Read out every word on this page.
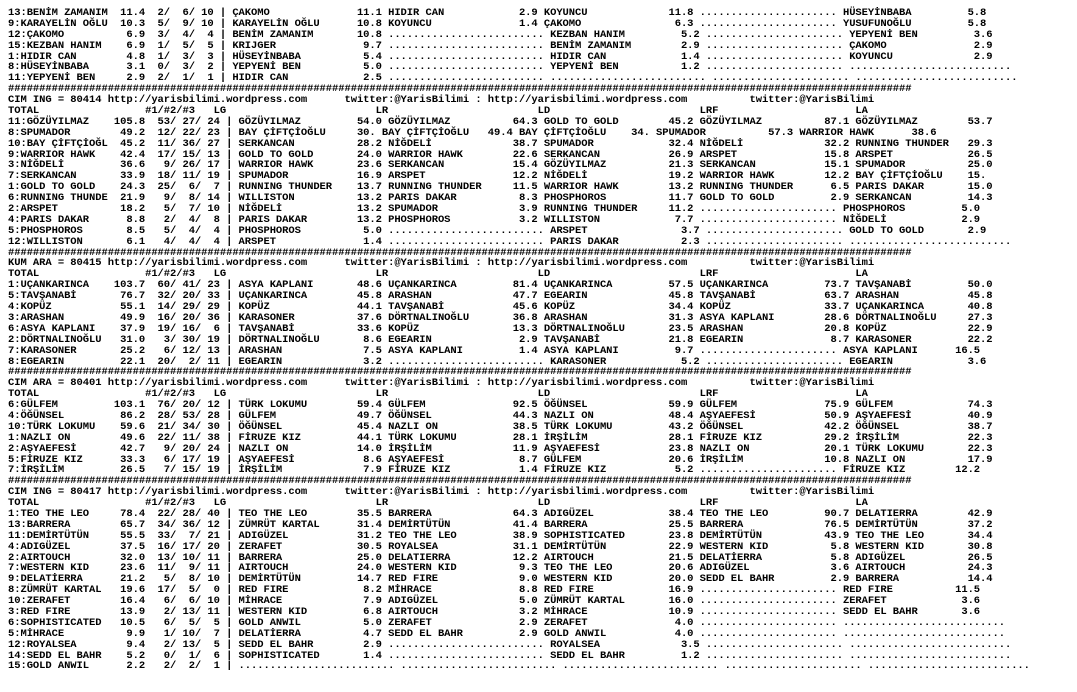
13:BENİM ZAMANIM  11.4  2/  6/ 10 | ÇAKOMO              11.1 HIDIR CAN            2.9 KOYUNCU             11.8 ...................... HÜSEYİNBABA         5.8
9:KARAYELİN OĞLU  10.3  5/  9/ 10 | KARAYELİN OĞLU      10.8 KOYUNCU              1.4 ÇAKOMO               6.3 ...................... YUSUFUNOĞLU         5.8
12:ÇAKOMO          6.9  3/  4/  4 | BENİM ZAMANIM       10.8 ......................... KEZBAN HANIM         5.2 ...................... YEPYENİ BEN         3.6
15:KEZBAN HANIM    6.9  1/  5/  5 | KRIJGER              9.7 ......................... BENİM ZAMANIM        2.9 ...................... ÇAKOMO              2.9
1:HIDIR CAN        4.8  1/  3/  3 | HÜSEYİNBABA          5.4 ......................... HIDIR CAN            1.4 ...................... KOYUNCU             2.9
8:HÜSEYİNBABA      3.1  0/  3/  2 | YEPYENİ BEN          5.0 ......................... YEPYENİ BEN          1.2 ...................... ..........................
11:YEPYENİ BEN     2.9  2/  1/  1 | HIDIR CAN            2.5 ......................... ......................... ...................... ..........................
#################################################################################################################################################
CIM ING = 80414 http://yarisbilimi.wordpress.com      twitter:@YarisBilimi : http://yarisbilimi.wordpress.com          twitter:@YarisBilimi
TOTAL                 #1/#2/#3   LG                        LR                        LD                        LRF                      LA
11:GÖZÜYILMAZ    105.8  53/ 27/ 24 | GÖZÜYILMAZ         54.0 GÖZÜYILMAZ          64.3 GOLD TO GOLD        45.2 GÖZÜYILMAZ          87.1 GÖZÜYILMAZ        53.7
8:SPUMADOR        49.2  12/ 22/ 23 | BAY ÇİFTÇİOĞLU     30. BAY ÇİFTÇİOĞLU   49.4 BAY ÇİFTÇİOĞLU    34. SPUMADOR          57.3 WARRIOR HAWK      38.6
10:BAY ÇİFTÇİOĞL  45.2  11/ 36/ 27 | SERKANCAN          28.2 NİĞDELİ             38.7 SPUMADOR            32.4 NİĞDELİ             32.2 RUNNING THUNDER   29.3
9:WARRIOR HAWK    42.4  17/ 15/ 13 | GOLD TO GOLD       24.0 WARRIOR HAWK        22.6 SERKANCAN           26.9 ARSPET              15.8 ARSPET            26.5
3:NİĞDELİ         36.6   9/ 26/ 17 | WARRIOR HAWK       23.6 SERKANCAN           15.4 GÖZÜYILMAZ          21.3 SERKANCAN           15.1 SPUMADOR          25.0
7:SERKANCAN       33.9  18/ 11/ 19 | SPUMADOR           16.9 ARSPET              12.2 NİĞDELİ             19.2 WARRIOR HAWK        12.2 BAY ÇİFTÇİOĞLU    15.
1:GOLD TO GOLD    24.3  25/  6/  7 | RUNNING THUNDER    13.7 RUNNING THUNDER     11.5 WARRIOR HAWK        13.2 RUNNING THUNDER      6.5 PARIS DAKAR       15.0
6:RUNNING THUNDE  21.9   9/  8/ 14 | WILLISTON          13.2 PARIS DAKAR          8.3 PHOSPHOROS          11.7 GOLD TO GOLD         2.9 SERKANCAN         14.3
2:ARSPET          18.2   5/  7/ 10 | NİĞDELİ            13.2 SPUMADOR             3.9 RUNNING THUNDER     11.2 ...................... PHOSPHOROS         5.0
4:PARIS DAKAR      8.8   2/  4/  8 | PARIS DAKAR        13.2 PHOSPHOROS           3.2 WILLISTON            7.7 ...................... NİĞDELİ            2.9
5:PHOSPHOROS       8.5   5/  4/  4 | PHOSPHOROS          5.0 ......................... ARSPET               3.7 ...................... GOLD TO GOLD       2.9
12:WILLISTON       6.1   4/  4/  4 | ARSPET              1.4 ......................... PARIS DAKAR          2.3 ...................... ..........................
#################################################################################################################################################
KUM ARA = 80415 http://yarisbilimi.wordpress.com      twitter:@YarisBilimi : http://yarisbilimi.wordpress.com          twitter:@YarisBilimi
TOTAL                 #1/#2/#3   LG                        LR                        LD                        LRF                      LA
1:UÇANKARINCA    103.7  60/ 41/ 23 | ASYA KAPLANI       48.6 UÇANKARINCA         81.4 UÇANKARINCA         57.5 UÇANKARINCA         73.7 TAVŞANABİ         50.0
5:TAVŞANABİ       76.7  32/ 20/ 33 | UÇANKARINCA        45.8 ARASHAN             47.7 EGEARIN             45.8 TAVŞANABİ           63.7 ARASHAN           45.8
4:KOPÜZ           55.1  14/ 29/ 29 | KOPÜZ              44.1 TAVŞANABİ           45.6 KOPÜZ               34.4 KOPÜZ               33.7 UÇANKARINCA       40.8
3:ARASHAN         49.9  16/ 20/ 36 | KARASONER          37.6 DÖRTNALINOĞLU       36.8 ARASHAN             31.3 ASYA KAPLANI        28.6 DÖRTNALINOĞLU     27.3
6:ASYA KAPLANI    37.9  19/ 16/  6 | TAVŞANABİ          33.6 KOPÜZ               13.3 DÖRTNALINOĞLU       23.5 ARASHAN             20.8 KOPÜZ             22.9
2:DÖRTNALINOĞLU   31.0   3/ 30/ 19 | DÖRTNALINOĞLU       8.6 EGEARIN              2.9 TAVŞANABİ           21.8 EGEARIN              8.7 KARASONER         22.2
7:KARASONER       25.2   6/ 12/ 13 | ARASHAN             7.5 ASYA KAPLANI         1.4 ASYA KAPLANI         9.7 ...................... ASYA KAPLANI      16.5
8:EGEARIN         22.1  20/  2/ 11 | EGEARIN             3.2 ......................... KARASONER            5.2 ...................... EGEARIN            3.6
#################################################################################################################################################
CIM ARA = 80401 http://yarisbilimi.wordpress.com      twitter:@YarisBilimi : http://yarisbilimi.wordpress.com          twitter:@YarisBilimi
TOTAL                 #1/#2/#3   LG                        LR                        LD                        LRF                      LA
6:GÜLFEM         103.1  76/ 20/ 12 | TÜRK LOKUMU        59.4 GÜLFEM              92.5 ÖĞÜNSEL             59.9 GÜLFEM              75.9 GÜLFEM            74.3
4:ÖĞÜNSEL         86.2  28/ 53/ 28 | GÜLFEM             49.7 ÖĞÜNSEL             44.3 NAZLI ON            48.4 AŞYAEFESİ           50.9 AŞYAEFESİ         40.9
10:TÜRK LOKUMU    59.6  21/ 34/ 30 | ÖĞÜNSEL            45.4 NAZLI ON            38.5 TÜRK LOKUMU         43.2 ÖĞÜNSEL             42.2 ÖĞÜNSEL           38.7
1:NAZLI ON        49.6  22/ 11/ 38 | FİRUZE KIZ         44.1 TÜRK LOKUMU         28.1 İRŞİLİM             28.1 FİRUZE KIZ          29.2 İRŞİLİM           22.3
2:AŞYAEFESİ       42.7   9/ 20/ 24 | NAZLI ON           14.0 İRŞİLİM             11.9 AŞYAEFESİ           23.8 NAZLI ON            20.1 TÜRK LOKUMU       22.3
5:FİRUZE KIZ      33.3   6/ 17/ 19 | AŞYAEFESİ           8.6 AŞYAEFESİ            8.7 GÜLFEM              20.6 İRŞİLİM             10.8 NAZLI ON          17.9
7:İRŞİLİM         26.5   7/ 15/ 19 | İRŞİLİM             7.9 FİRUZE KIZ           1.4 FİRUZE KIZ           5.2 ...................... FİRUZE KIZ        12.2
#################################################################################################################################################
CIM ING = 80417 http://yarisbilimi.wordpress.com      twitter:@YarisBilimi : http://yarisbilimi.wordpress.com          twitter:@YarisBilimi
TOTAL                 #1/#2/#3   LG                        LR                        LD                        LRF                      LA
1:TEO THE LEO     78.4  22/ 28/ 40 | TEO THE LEO        35.5 BARRERA             64.3 ADIGÜZEL            38.4 TEO THE LEO         90.7 DELATIERRA        42.9
13:BARRERA        65.7  34/ 36/ 12 | ZÜMRÜT KARTAL      31.4 DEMİRTÜTÜN          41.4 BARRERA             25.5 BARRERA             76.5 DEMİRTÜTÜN        37.2
11:DEMİRTÜTÜN     55.5  33/  7/ 21 | ADIGÜZEL           31.2 TEO THE LEO         38.9 SOPHISTICATED       23.8 DEMİRTÜTÜN          43.9 TEO THE LEO       34.4
4:ADIGÜZEL        37.5  16/ 17/ 20 | ZERAFET            30.5 ROYALSEA            31.1 DEMİRTÜTÜN          22.9 WESTERN KID          5.8 WESTERN KID       30.8
2:AIRTOUCH        32.0  13/ 10/ 11 | BARRERA            25.0 DELATIERRA          12.2 AIRTOUCH            21.5 DELATİERRA           5.8 ADIGÜZEL          26.5
7:WESTERN KID     23.6  11/  9/ 11 | AIRTOUCH           24.0 WESTERN KID          9.3 TEO THE LEO         20.6 ADIGÜZEL             3.6 AIRTOUCH          24.3
9:DELATİERRA      21.2   5/  8/ 10 | DEMİRTÜTÜN         14.7 RED FIRE             9.0 WESTERN KID         20.0 SEDD EL BAHR         2.9 BARRERA           14.4
8:ZÜMRÜT KARTAL   19.6  17/  5/  0 | RED FIRE            8.2 MİHRACE              8.8 RED FIRE            16.9 ...................... RED FIRE          11.5
10:ZERAFET        16.4   6/  6/ 10 | MİHRACE             7.9 ADIGÜZEL             5.0 ZÜMRÜT KARTAL       16.0 ...................... ZERAFET            3.6
3:RED FIRE        13.9   2/ 13/ 11 | WESTERN KID         6.8 AIRTOUCH             3.2 MİHRACE             10.9 ...................... SEDD EL BAHR       3.6
6:SOPHISTICATED   10.5   6/  5/  5 | GOLD ANWIL          5.0 ZERAFET              2.9 ZERAFET              4.0 ...................... ..........................
5:MİHRACE          9.9   1/ 10/  7 | DELATİERRA          4.7 SEDD EL BAHR         2.9 GOLD ANWIL           4.0 ...................... ..........................
12:ROYALSEA        9.4   2/ 13/  5 | SEDD EL BAHR        2.9 ......................... ROYALSEA             3.5 ...................... ..........................
14:SEDD EL BAHR    5.2   0/  1/  6 | SOPHISTICATED       1.4 ......................... SEDD EL BAHR         1.2 ...................... ..........................
15:GOLD ANWIL      2.2   2/  2/  1 | ......................... ......................... ......................... ...................... ..........................
